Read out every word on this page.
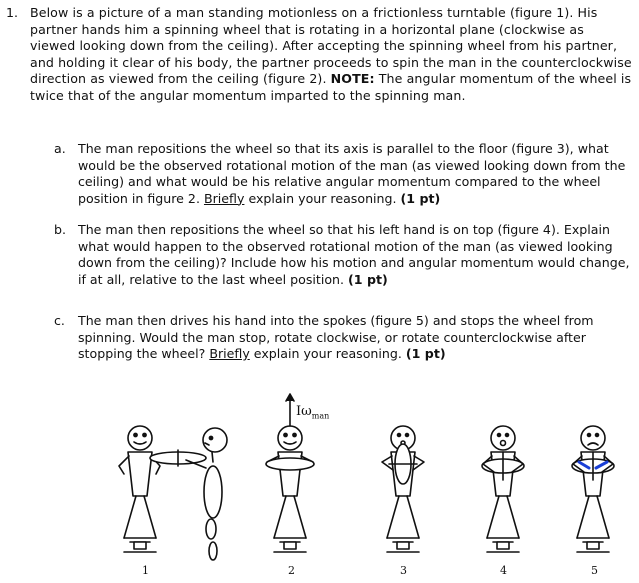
1. Below is a picture of a man standing motionless on a frictionless turntable (figure 1). His partner hands him a spinning wheel that is rotating in a horizontal plane (clockwise as viewed looking down from the ceiling). After accepting the spinning wheel from his partner, and holding it clear of his body, the partner proceeds to spin the man in the counterclockwise direction as viewed from the ceiling (figure 2). NOTE: The angular momentum of the wheel is twice that of the angular momentum imparted to the spinning man.
a. The man repositions the wheel so that its axis is parallel to the floor (figure 3), what would be the observed rotational motion of the man (as viewed looking down from the ceiling) and what would be his relative angular momentum compared to the wheel position in figure 2. Briefly explain your reasoning. (1 pt)
b. The man then repositions the wheel so that his left hand is on top (figure 4). Explain what would happen to the observed rotational motion of the man (as viewed looking down from the ceiling)? Include how his motion and angular momentum would change, if at all, relative to the last wheel position. (1 pt)
c. The man then drives his hand into the spokes (figure 5) and stops the wheel from spinning. Would the man stop, rotate clockwise, or rotate counterclockwise after stopping the wheel? Briefly explain your reasoning. (1 pt)
$I\omega_{man}$
1	2	3	4	5
